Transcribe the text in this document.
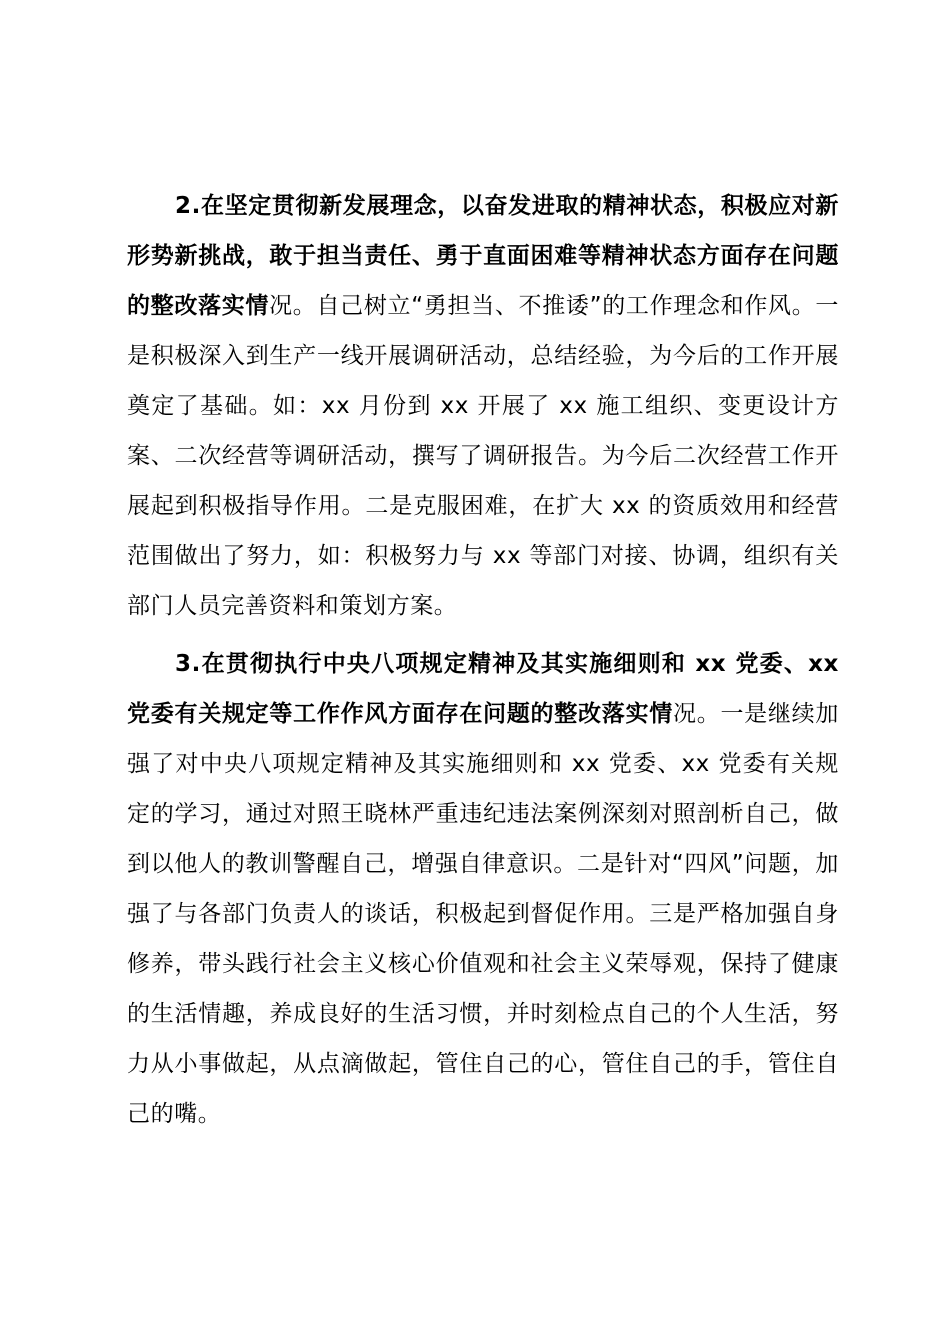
2.在坚定贯彻新发展理念，以奋发进取的精神状态，积极应对新形势新挑战，敢于担当责任、勇于直面困难等精神状态方面存在问题的整改落实情况。自己树立“勇担当、不推诿”的工作理念和作风。一是积极深入到生产一线开展调研活动，总结经验，为今后的工作开展奠定了基础。如：xx 月份到 xx 开展了 xx 施工组织、变更设计方案、二次经营等调研活动，撰写了调研报告。为今后二次经营工作开展起到积极指导作用。二是克服困难，在扩大 xx 的资质效用和经营范围做出了努力，如：积极努力与 xx 等部门对接、协调，组织有关部门人员完善资料和策划方案。

3.在贯彻执行中央八项规定精神及其实施细则和 xx 党委、xx 党委有关规定等工作作风方面存在问题的整改落实情况。一是继续加强了对中央八项规定精神及其实施细则和 xx 党委、xx 党委有关规定的学习，通过对照王晓林严重违纪违法案例深刻对照剖析自己，做到以他人的教训警醒自己，增强自律意识。二是针对“四风”问题，加强了与各部门负责人的谈话，积极起到督促作用。三是严格加强自身修养，带头践行社会主义核心价值观和社会主义荣辱观，保持了健康的生活情趣，养成良好的生活习惯，并时刻检点自己的个人生活，努力从小事做起，从点滴做起，管住自己的心，管住自己的手，管住自己的嘴。
